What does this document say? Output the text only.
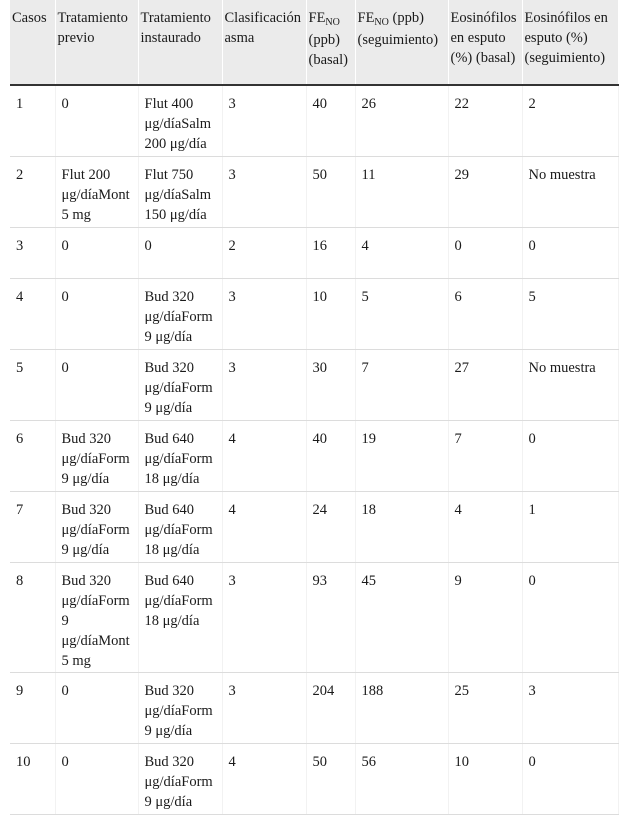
Casos	Tratamiento previo	Tratamiento instaurado	Clasificación asma	$FE_{NO}$ (ppb) (basal)	$FE_{NO}$ (ppb) (seguimiento)	Eosinófilos en esputo (%) (basal)	Eosinófilos en esputo (%) (seguimiento)
1	0	Flut 400 μg/díaSalm 200 μg/día	3	40	26	22	2
2	Flut 200 μg/díaMont 5 mg	Flut 750 μg/díaSalm 150 μg/día	3	50	11	29	No muestra
3	0	0	2	16	4	0	0
4	0	Bud 320 μg/díaForm 9 μg/día	3	10	5	6	5
5	0	Bud 320 μg/díaForm 9 μg/día	3	30	7	27	No muestra
6	Bud 320 μg/díaForm 9 μg/día	Bud 640 μg/díaForm 18 μg/día	4	40	19	7	0
7	Bud 320 μg/díaForm 9 μg/día	Bud 640 μg/díaForm 18 μg/día	4	24	18	4	1
8	Bud 320 μg/díaForm 9 μg/díaMont 5 mg	Bud 640 μg/díaForm 18 μg/día	3	93	45	9	0
9	0	Bud 320 μg/díaForm 9 μg/día	3	204	188	25	3
10	0	Bud 320 μg/díaForm 9 μg/día	4	50	56	10	0
